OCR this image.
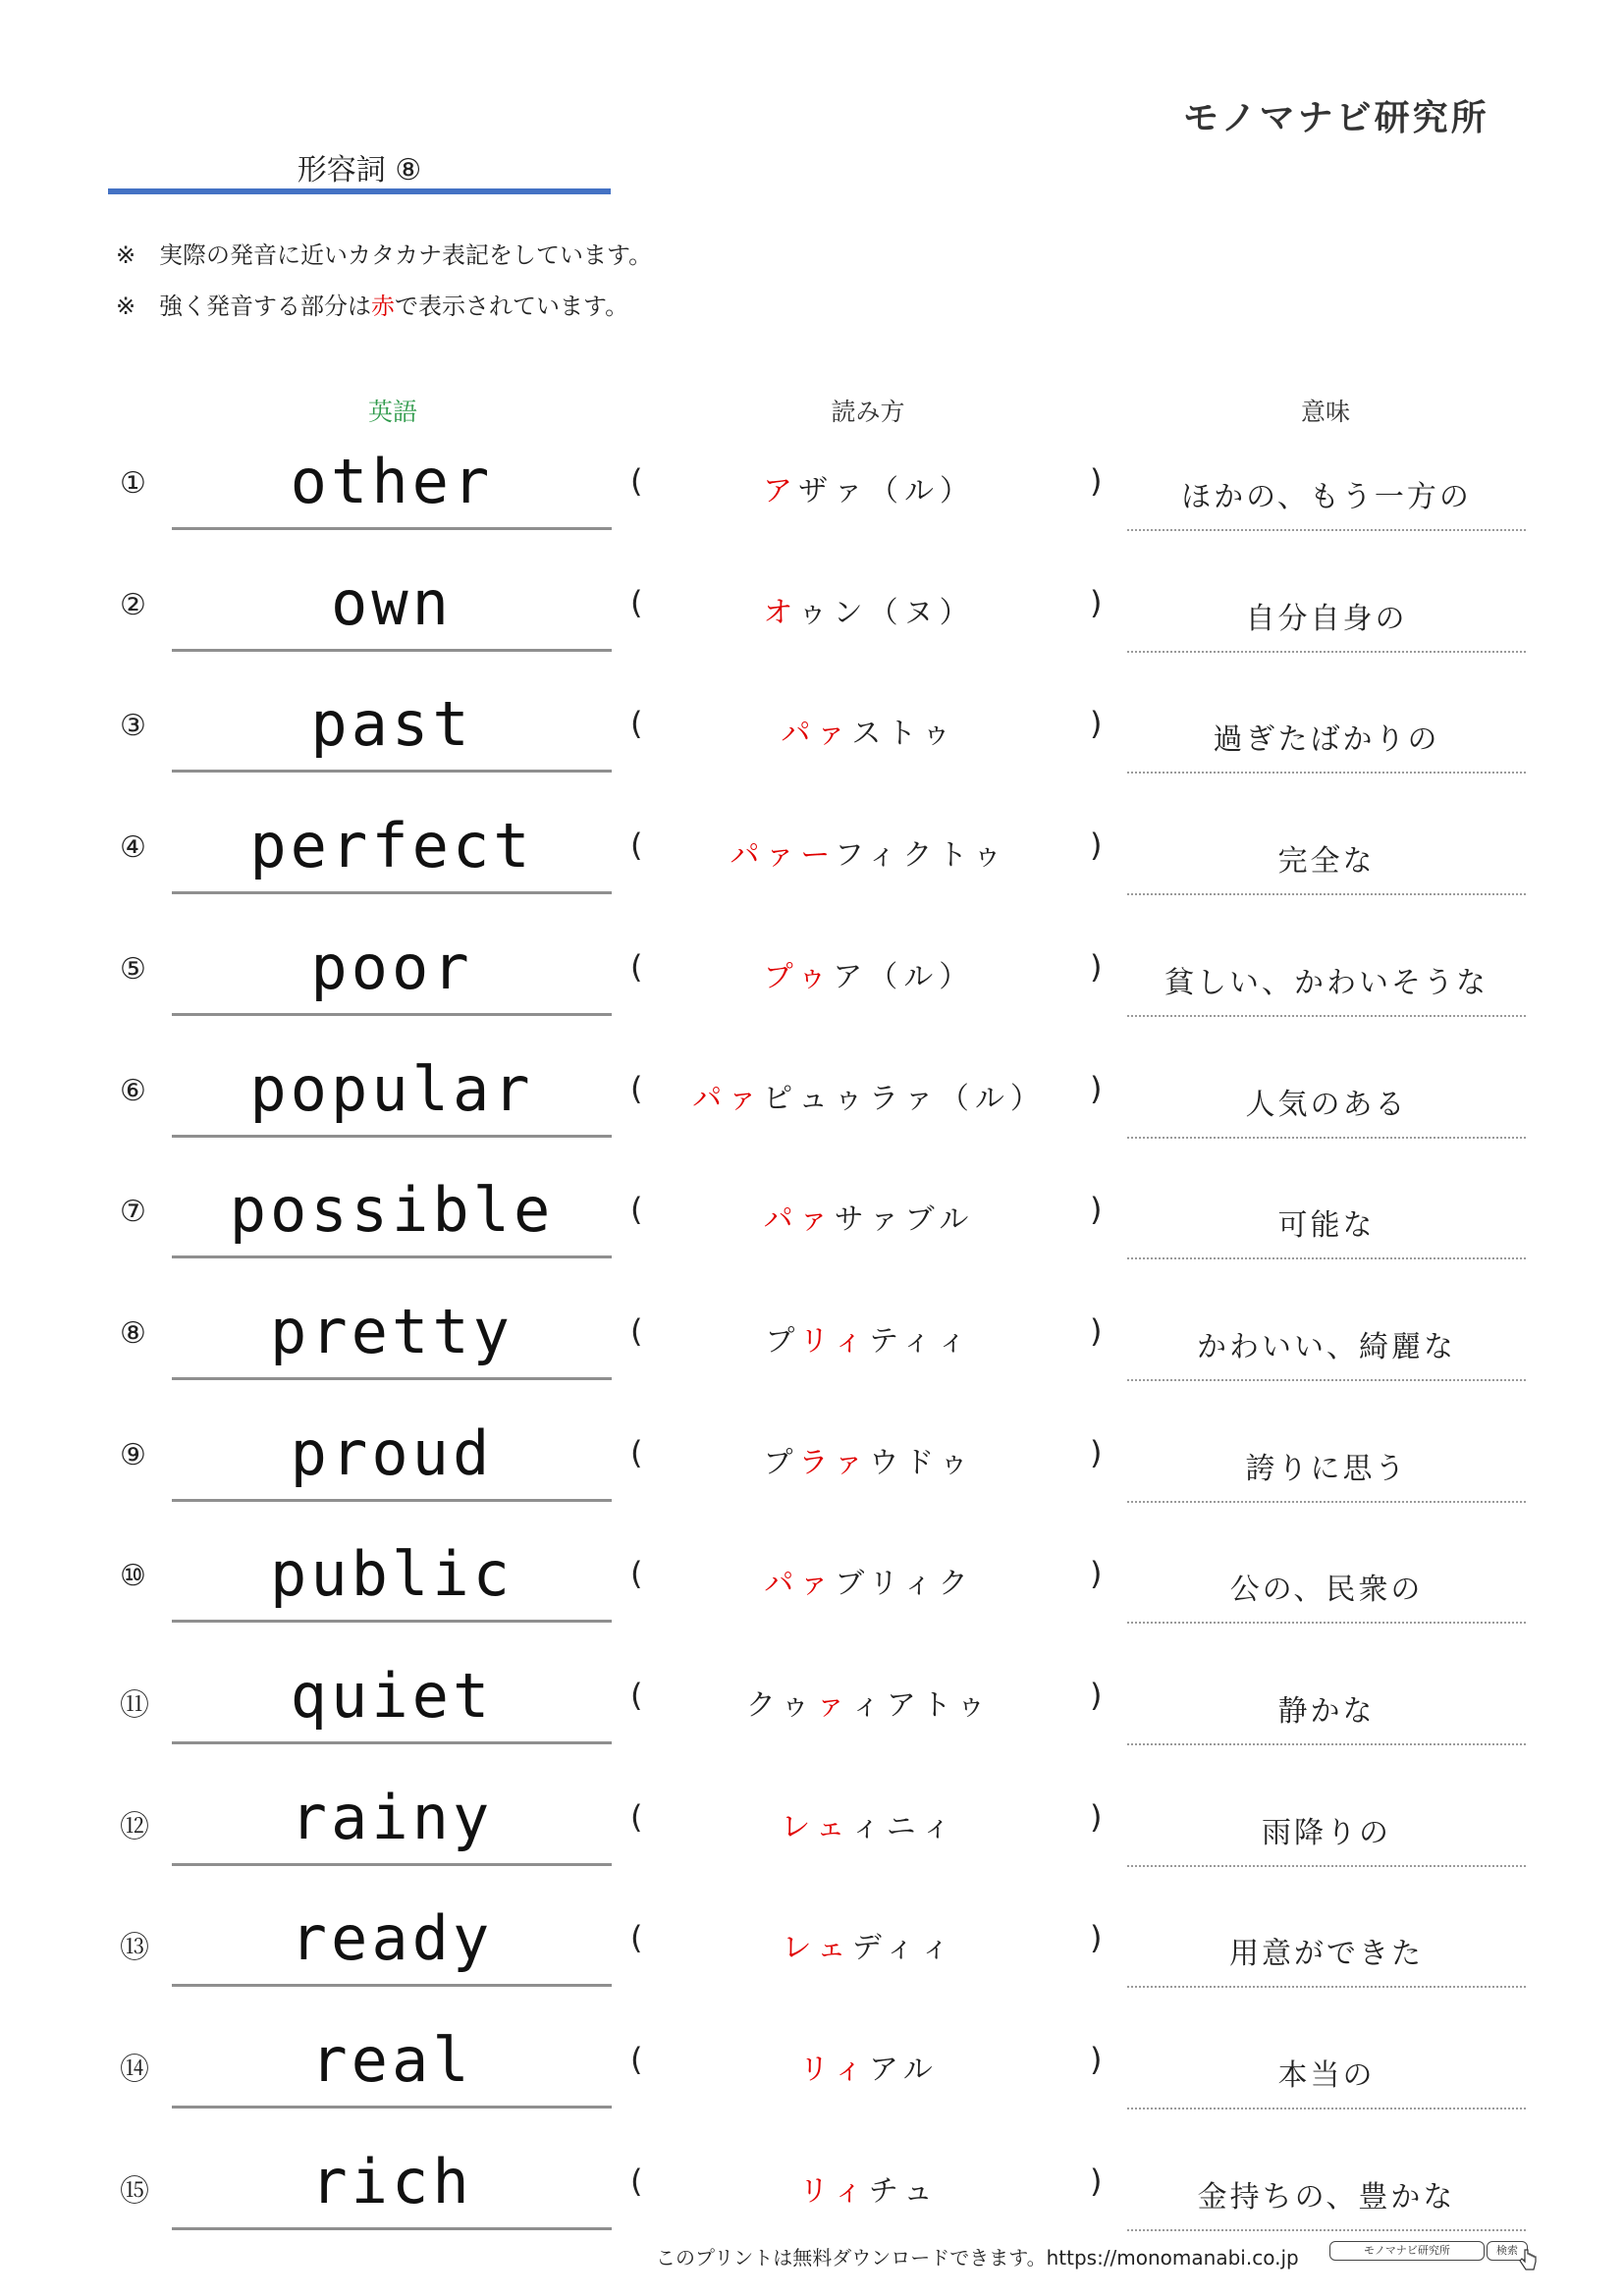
モノマナビ研究所
形容詞 ⑧
※ 実際の発音に近いカタカナ表記をしています。
※ 強く発音する部分は赤で表示されています。
英語	読み方	意味
①	other	(	アザァ（ル）	)	ほかの、もう一方の
②	own	(	オゥン（ヌ）	)	自分自身の
③	past	(	パァストゥ	)	過ぎたばかりの
④	perfect	(	パァーフィクトゥ	)	完全な
⑤	poor	(	プゥア（ル）	)	貧しい、かわいそうな
⑥	popular	(	パァピュゥラァ（ル）	)	人気のある
⑦	possible	(	パァサァブル	)	可能な
⑧	pretty	(	プリィティィ	)	かわいい、綺麗な
⑨	proud	(	プラァウドゥ	)	誇りに思う
⑩	public	(	パァブリィク	)	公の、民衆の
⑪	quiet	(	クゥァィアトゥ	)	静かな
⑫	rainy	(	レェィニィ	)	雨降りの
⑬	ready	(	レェディィ	)	用意ができた
⑭	real	(	リィアル	)	本当の
⑮	rich	(	リィチュ	)	金持ちの、豊かな
このプリントは無料ダウンロードできます。https://monomanabi.co.jp	モノマナビ研究所	検索
